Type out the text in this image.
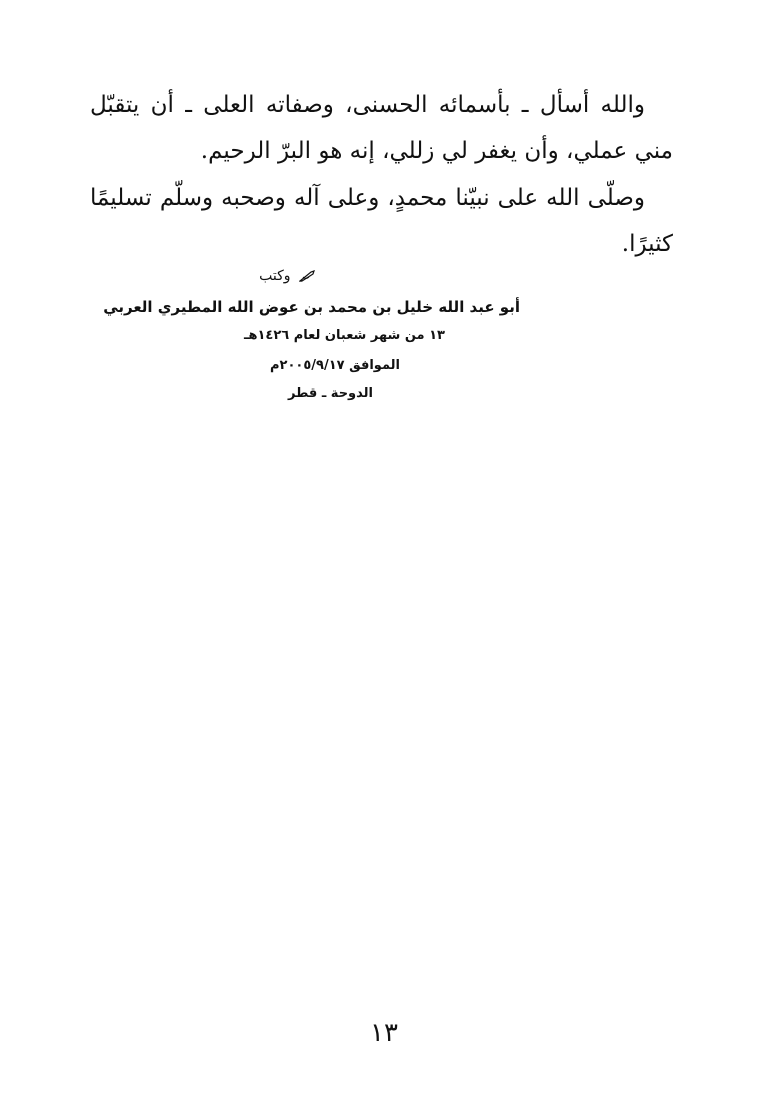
والله أسأل ـ بأسمائه الحسنى، وصفاته العلى ـ أن يتقبّل مني عملي، وأن يغفر لي زللي، إنه هو البرّ الرحيم.

وصلّى الله على نبيّنا محمدٍ، وعلى آله وصحبه وسلّم تسليمًا كثيرًا.

وكتب
أبو عبد الله خليل بن محمد بن عوض الله المطيري العربي
١٣ من شهر شعبان لعام ١٤٢٦هـ
الموافق ٢٠٠٥/٩/١٧م
الدوحة ـ قطر
١٣
